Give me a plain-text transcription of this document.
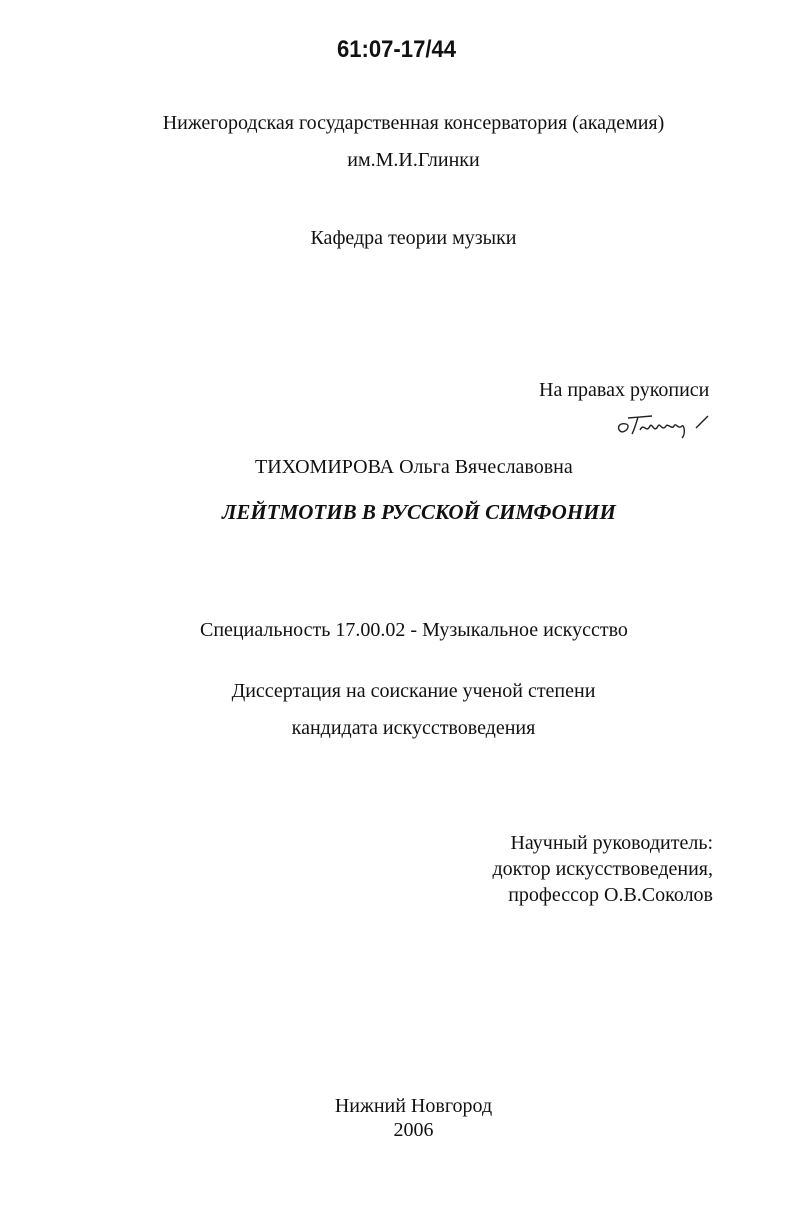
61:07-17/44
Нижегородская государственная консерватория (академия)
им.М.И.Глинки
Кафедра теории музыки
На правах рукописи
ТИХОМИРОВА Ольга Вячеславовна
ЛЕЙТМОТИВ В РУССКОЙ СИМФОНИИ
Специальность 17.00.02 - Музыкальное искусство
Диссертация на соискание ученой степени
кандидата искусствоведения
Научный руководитель:
доктор искусствоведения,
профессор О.В.Соколов
Нижний Новгород
2006
